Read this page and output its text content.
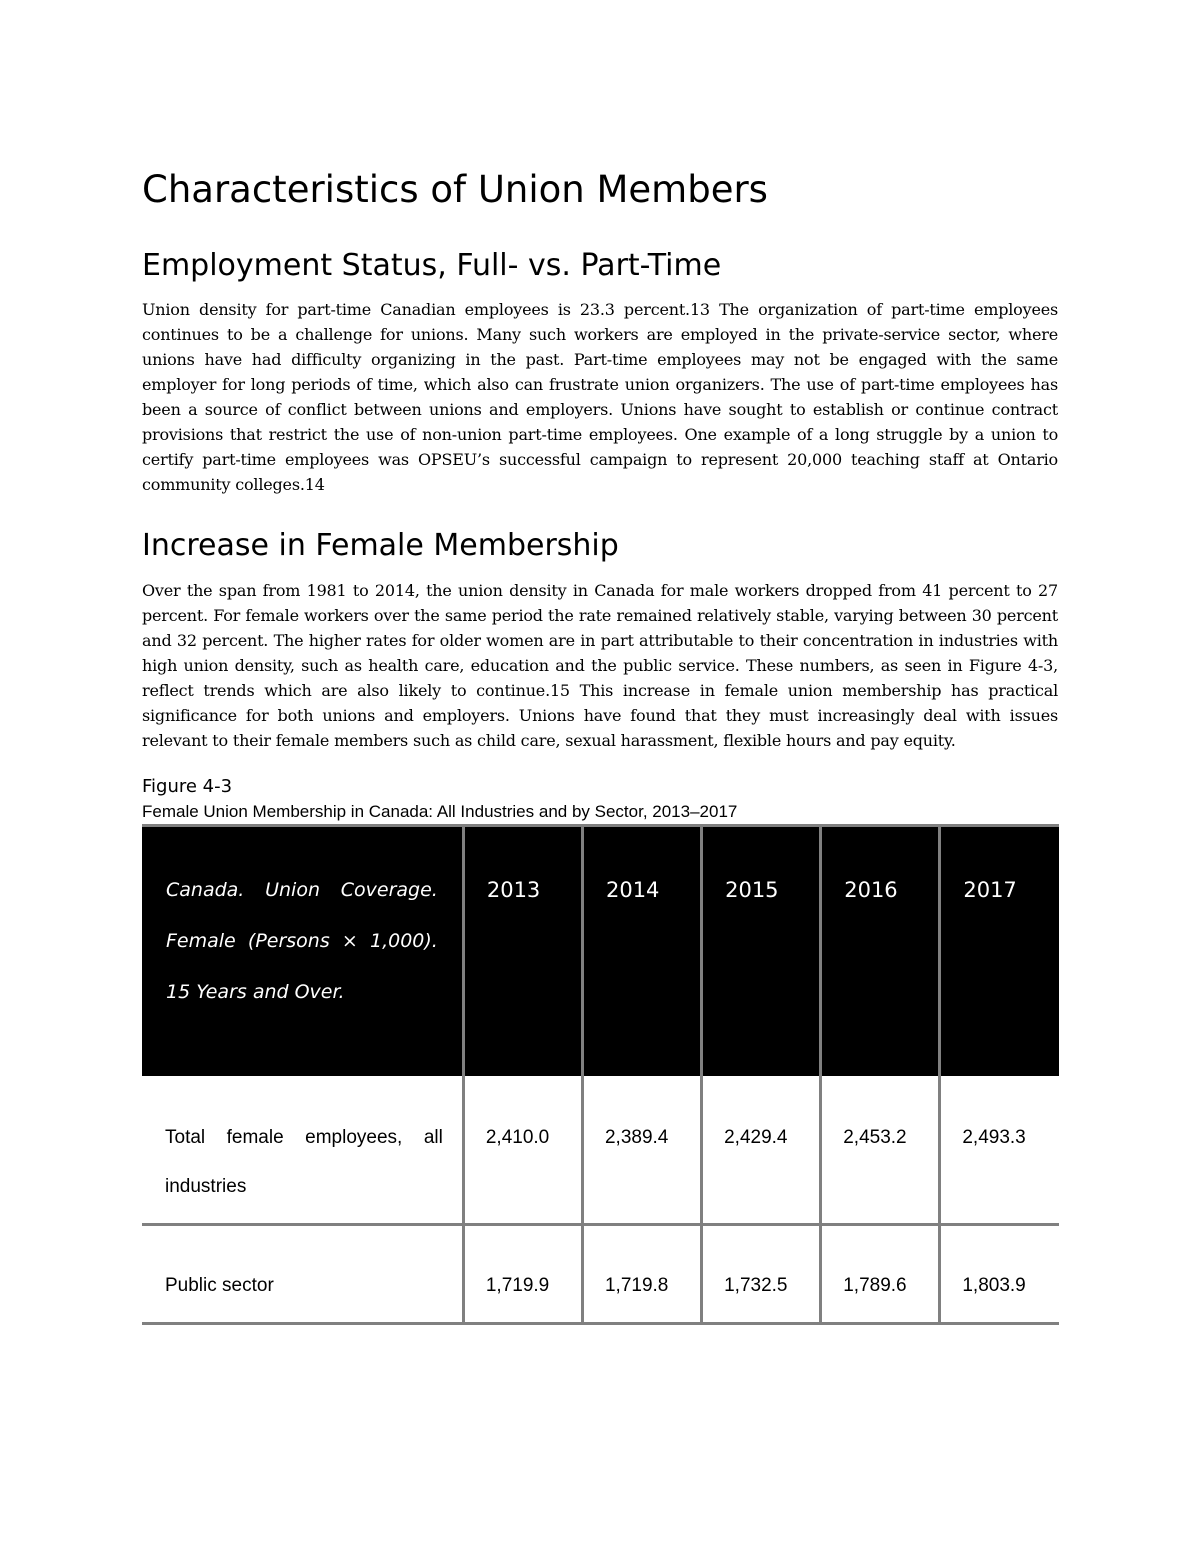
Characteristics of Union Members
Employment Status, Full- vs. Part-Time

Union density for part-time Canadian employees is 23.3 percent.13 The organization of part-time employees continues to be a challenge for unions. Many such workers are employed in the private-service sector, where unions have had difficulty organizing in the past. Part-time employees may not be engaged with the same employer for long periods of time, which also can frustrate union organizers. The use of part-time employees has been a source of conflict between unions and employers. Unions have sought to establish or continue contract provisions that restrict the use of non-union part-time employees. One example of a long struggle by a union to certify part-time employees was OPSEU’s successful campaign to represent 20,000 teaching staff at Ontario community colleges.14

Increase in Female Membership

Over the span from 1981 to 2014, the union density in Canada for male workers dropped from 41 percent to 27 percent. For female workers over the same period the rate remained relatively stable, varying between 30 percent and 32 percent. The higher rates for older women are in part attributable to their concentration in industries with high union density, such as health care, education and the public service. These numbers, as seen in Figure 4-3, reflect trends which are also likely to continue.15 This increase in female union membership has practical significance for both unions and employers. Unions have found that they must increasingly deal with issues relevant to their female members such as child care, sexual harassment, flexible hours and pay equity.

Figure 4-3
Female Union Membership in Canada: All Industries and by Sector, 2013–2017
Canada. Union Coverage. Female (Persons × 1,000). 15 Years and Over.	2013	2014	2015	2016	2017

Total female employees, all industries	2,410.0	2,389.4	2,429.4	2,453.2	2,493.3

Public sector	1,719.9	1,719.8	1,732.5	1,789.6	1,803.9
